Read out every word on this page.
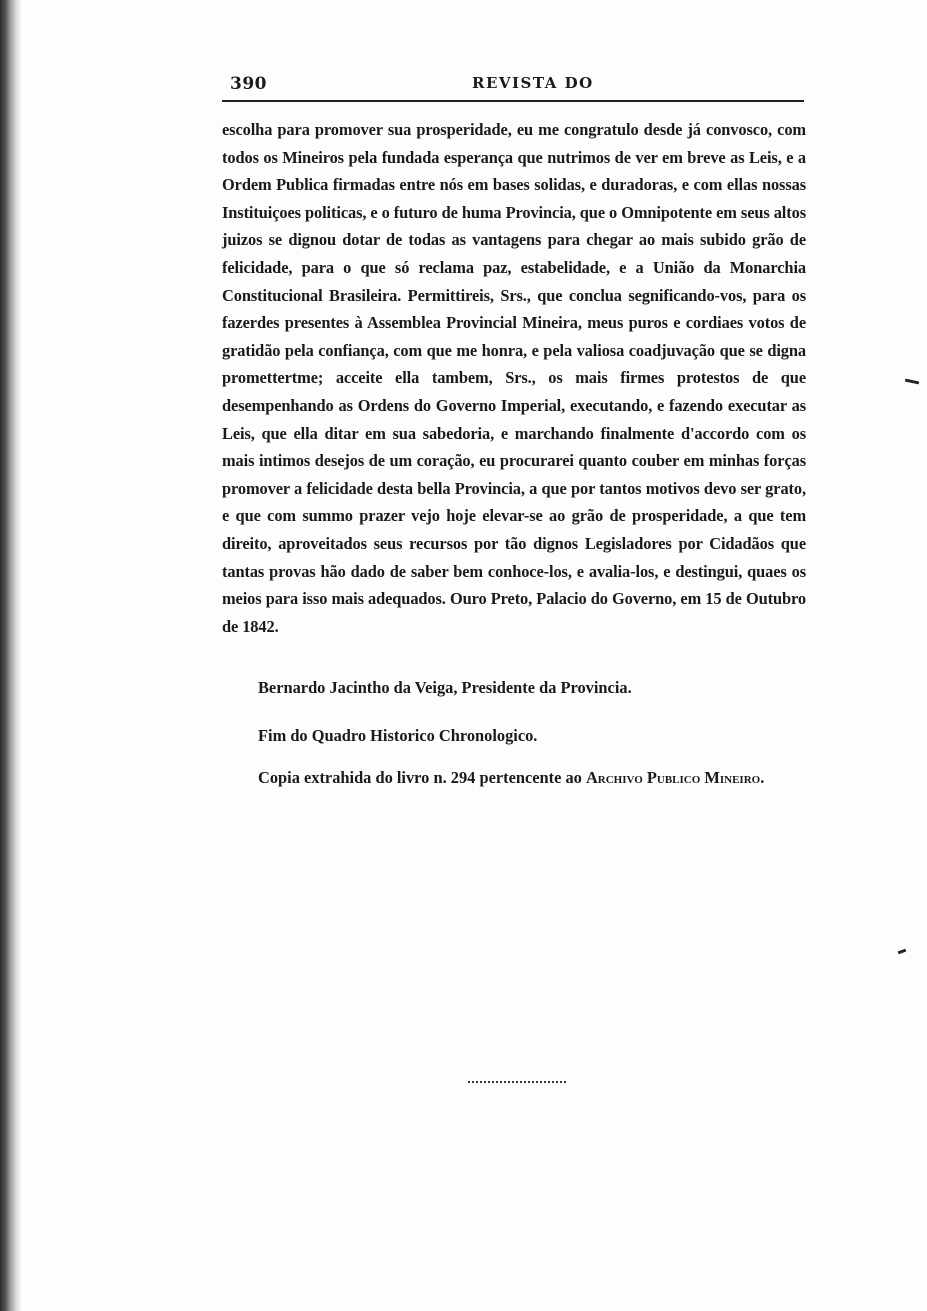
390	REVISTA DO

escolha para promover sua prosperidade, eu me congratulo desde já convosco, com todos os Mineiros pela fundada esperança que nutrimos de ver em breve as Leis, e a Ordem Publica firmadas entre nós em bases solidas, e duradoras, e com ellas nossas Instituiçoes politicas, e o futuro de huma Provincia, que o Omnipotente em seus altos juizos se dignou dotar de todas as vantagens para chegar ao mais subido grão de felicidade, para o que só reclama paz, estabelidade, e a União da Monarchia Constitucional Brasileira. Permittireis, Srs., que conclua segnificando-vos, para os fazerdes presentes à Assemblea Provincial Mineira, meus puros e cordiaes votos de gratidão pela confiança, com que me honra, e pela valiosa coadjuvação que se digna promettertme; acceite ella tambem, Srs., os mais firmes protestos de que desempenhando as Ordens do Governo Imperial, executando, e fazendo executar as Leis, que ella ditar em sua sabedoria, e marchando finalmente d'accordo com os mais intimos desejos de um coração, eu procurarei quanto couber em minhas forças promover a felicidade desta bella Provincia, a que por tantos motivos devo ser grato, e que com summo prazer vejo hoje elevar-se ao grão de prosperidade, a que tem direito, aproveitados seus recursos por tão dignos Legisladores por Cidadãos que tantas provas hão dado de saber bem conhoce-los, e avalia-los, e destingui, quaes os meios para isso mais adequados. Ouro Preto, Palacio do Governo, em 15 de Outubro de 1842.

Bernardo Jacintho da Veiga, Presidente da Provincia.
Fim do Quadro Historico Chronologico.
Copia extrahida do livro n. 294 pertencente ao Archivo Publico Mineiro.
